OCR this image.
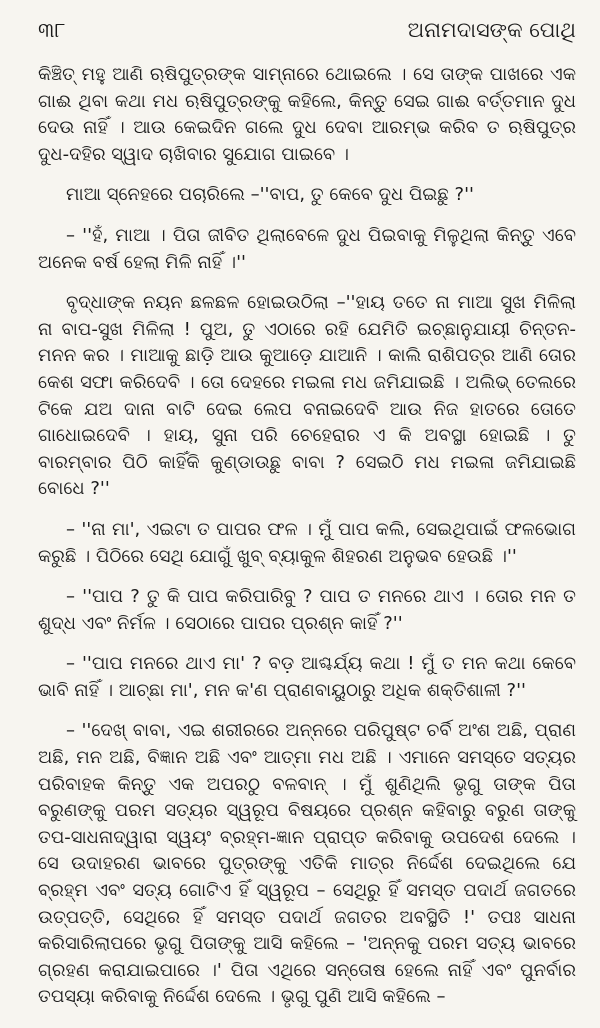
୩୮	ଅନାମଦାସଙ୍କ ପୋଥି

କିଞ୍ଚିତ୍ ମହୁ ଆଣି ଋଷିପୁତ୍ରଙ୍କ ସାମ୍ନାରେ ଥୋଇଲେ । ସେ ତାଙ୍କ ପାଖରେ ଏକ ଗାଈ ଥିବା କଥା ମଧ ଋଷିପୁତ୍ରଙ୍କୁ କହିଲେ, କିନ୍ତୁ ସେଇ ଗାଈ ବର୍ତ୍ତମାନ ଦୁଧ ଦେଉ ନାହିଁ । ଆଉ କେଇଦିନ ଗଲେ ଦୁଧ ଦେବା ଆରମ୍ଭ କରିବ ତ ଋଷିପୁତ୍ର ଦୁଧ-ଦହିର ସ୍ୱାଦ ଚାଖିବାର ସୁଯୋଗ ପାଇବେ ।

ମାଆ ସ୍ନେହରେ ପଚାରିଲେ –''ବାପ, ତୁ କେବେ ଦୁଧ ପିଇଛୁ ?''

– ''ହଁ, ମାଆ । ପିତା ଜୀବିତ ଥିଲାବେଳେ ଦୁଧ ପିଇବାକୁ ମିଳୁଥିଲା କିନ୍ତୁ ଏବେ ଅନେକ ବର୍ଷ ହେଲା ମିଳି ନାହିଁ ।''

ବୃଦ୍ଧାଙ୍କ ନୟନ ଛଳଛଳ ହୋଇଉଠିଲା –''ହାୟ ତତେ ନା ମାଆ ସୁଖ ମିଳିଲା ନା ବାପ-ସୁଖ ମିଳିଲା ! ପୁଅ, ତୁ ଏଠାରେ ରହି ଯେମିତି ଇଚ୍ଛାନୁଯାୟୀ ଚିନ୍ତନ-ମନନ କର । ମାଆକୁ ଛାଡ଼ି ଆଉ କୁଆଡ଼େ ଯାଆନି । କାଲି ରାଶିପତ୍ର ଆଣି ତୋର କେଶ ସଫା କରିଦେବି । ତୋ ଦେହରେ ମଇଳା ମଧ ଜମିଯାଇଛି । ଅଲିଭ୍ ତେଲରେ ଟିକେ ଯଅ ଦାନା ବାଟି ଦେଇ ଲେପ ବନାଇଦେବି ଆଉ ନିଜ ହାତରେ ତୋତେ ଗାଧୋଇଦେବି । ହାୟ, ସୁନା ପରି ଚେହେରାର ଏ କି ଅବସ୍ଥା ହୋଇଛି । ତୁ ବାରମ୍ବାର ପିଠି କାହିଁକି କୁଣ୍ଡାଉଛୁ ବାବା ? ସେଇଠି ମଧ ମଇଳା ଜମିଯାଇଛି ବୋଧେ ?''

– ''ନା ମା', ଏଇଟା ତ ପାପର ଫଳ । ମୁଁ ପାପ କଲି, ସେଇଥିପାଇଁ ଫଳଭୋଗ କରୁଛି । ପିଠିରେ ସେଥି ଯୋଗୁଁ ଖୁବ୍ ବ୍ୟାକୁଳ ଶିହରଣ ଅନୁଭବ ହେଉଛି ।''

– ''ପାପ ? ତୁ କି ପାପ କରିପାରିବୁ ? ପାପ ତ ମନରେ ଥାଏ । ତୋର ମନ ତ ଶୁଦ୍ଧ ଏବଂ ନିର୍ମଳ । ସେଠାରେ ପାପର ପ୍ରଶ୍ନ କାହିଁ ?''

– ''ପାପ ମନରେ ଥାଏ ମା' ? ବଡ଼ ଆଶ୍ଚର୍ଯ୍ୟ କଥା ! ମୁଁ ତ ମନ କଥା କେବେ ଭାବି ନାହିଁ । ଆଚ୍ଛା ମା', ମନ କ'ଣ ପ୍ରାଣବାୟୁଠାରୁ ଅଧିକ ଶକ୍ତିଶାଳୀ ?''

– ''ଦେଖ୍ ବାବା, ଏଇ ଶରୀରରେ ଅନ୍ନରେ ପରିପୁଷ୍ଟ ଚର୍ବି ଅଂଶ ଅଛି, ପ୍ରାଣ ଅଛି, ମନ ଅଛି, ବିଜ୍ଞାନ ଅଛି ଏବଂ ଆତ୍ମା ମଧ ଅଛି । ଏମାନେ ସମସ୍ତେ ସତ୍ୟର ପରିବାହକ କିନ୍ତୁ ଏକ ଅପରଠୁ ବଳବାନ୍ । ମୁଁ ଶୁଣିଥିଲି ଭୃଗୁ ତାଙ୍କ ପିତା ବରୁଣଙ୍କୁ ପରମ ସତ୍ୟର ସ୍ୱରୂପ ବିଷୟରେ ପ୍ରଶ୍ନ କହିବାରୁ ବରୁଣ ତାଙ୍କୁ ତପ-ସାଧନାଦ୍ୱାରା ସ୍ୱୟଂ ବ୍ରହ୍ମ-ଜ୍ଞାନ ପ୍ରାପ୍ତ କରିବାକୁ ଉପଦେଶ ଦେଲେ । ସେ ଉଦାହରଣ ଭାବରେ ପୁତ୍ରଙ୍କୁ ଏତିକି ମାତ୍ର ନିର୍ଦ୍ଦେଶ ଦେଇଥିଲେ ଯେ ବ୍ରହ୍ମ ଏବଂ ସତ୍ୟ ଗୋଟିଏ ହିଁ ସ୍ୱରୂପ – ସେଥିରୁ ହିଁ ସମସ୍ତ ପଦାର୍ଥ ଜଗତରେ ଉତ୍ପତ୍ତି, ସେଥିରେ ହିଁ ସମସ୍ତ ପଦାର୍ଥ ଜଗତର ଅବସ୍ଥିତି !' ତପଃ ସାଧନା କରିସାରିଲାପରେ ଭୃଗୁ ପିତାଙ୍କୁ ଆସି କହିଲେ – 'ଅନ୍ନକୁ ପରମ ସତ୍ୟ ଭାବରେ ଗ୍ରହଣ କରାଯାଇପାରେ ।' ପିତା ଏଥିରେ ସନ୍ତୋଷ ହେଲେ ନାହିଁ ଏବଂ ପୁନର୍ବାର ତପସ୍ୟା କରିବାକୁ ନିର୍ଦ୍ଦେଶ ଦେଲେ । ଭୃଗୁ ପୁଣି ଆସି କହିଲେ –
